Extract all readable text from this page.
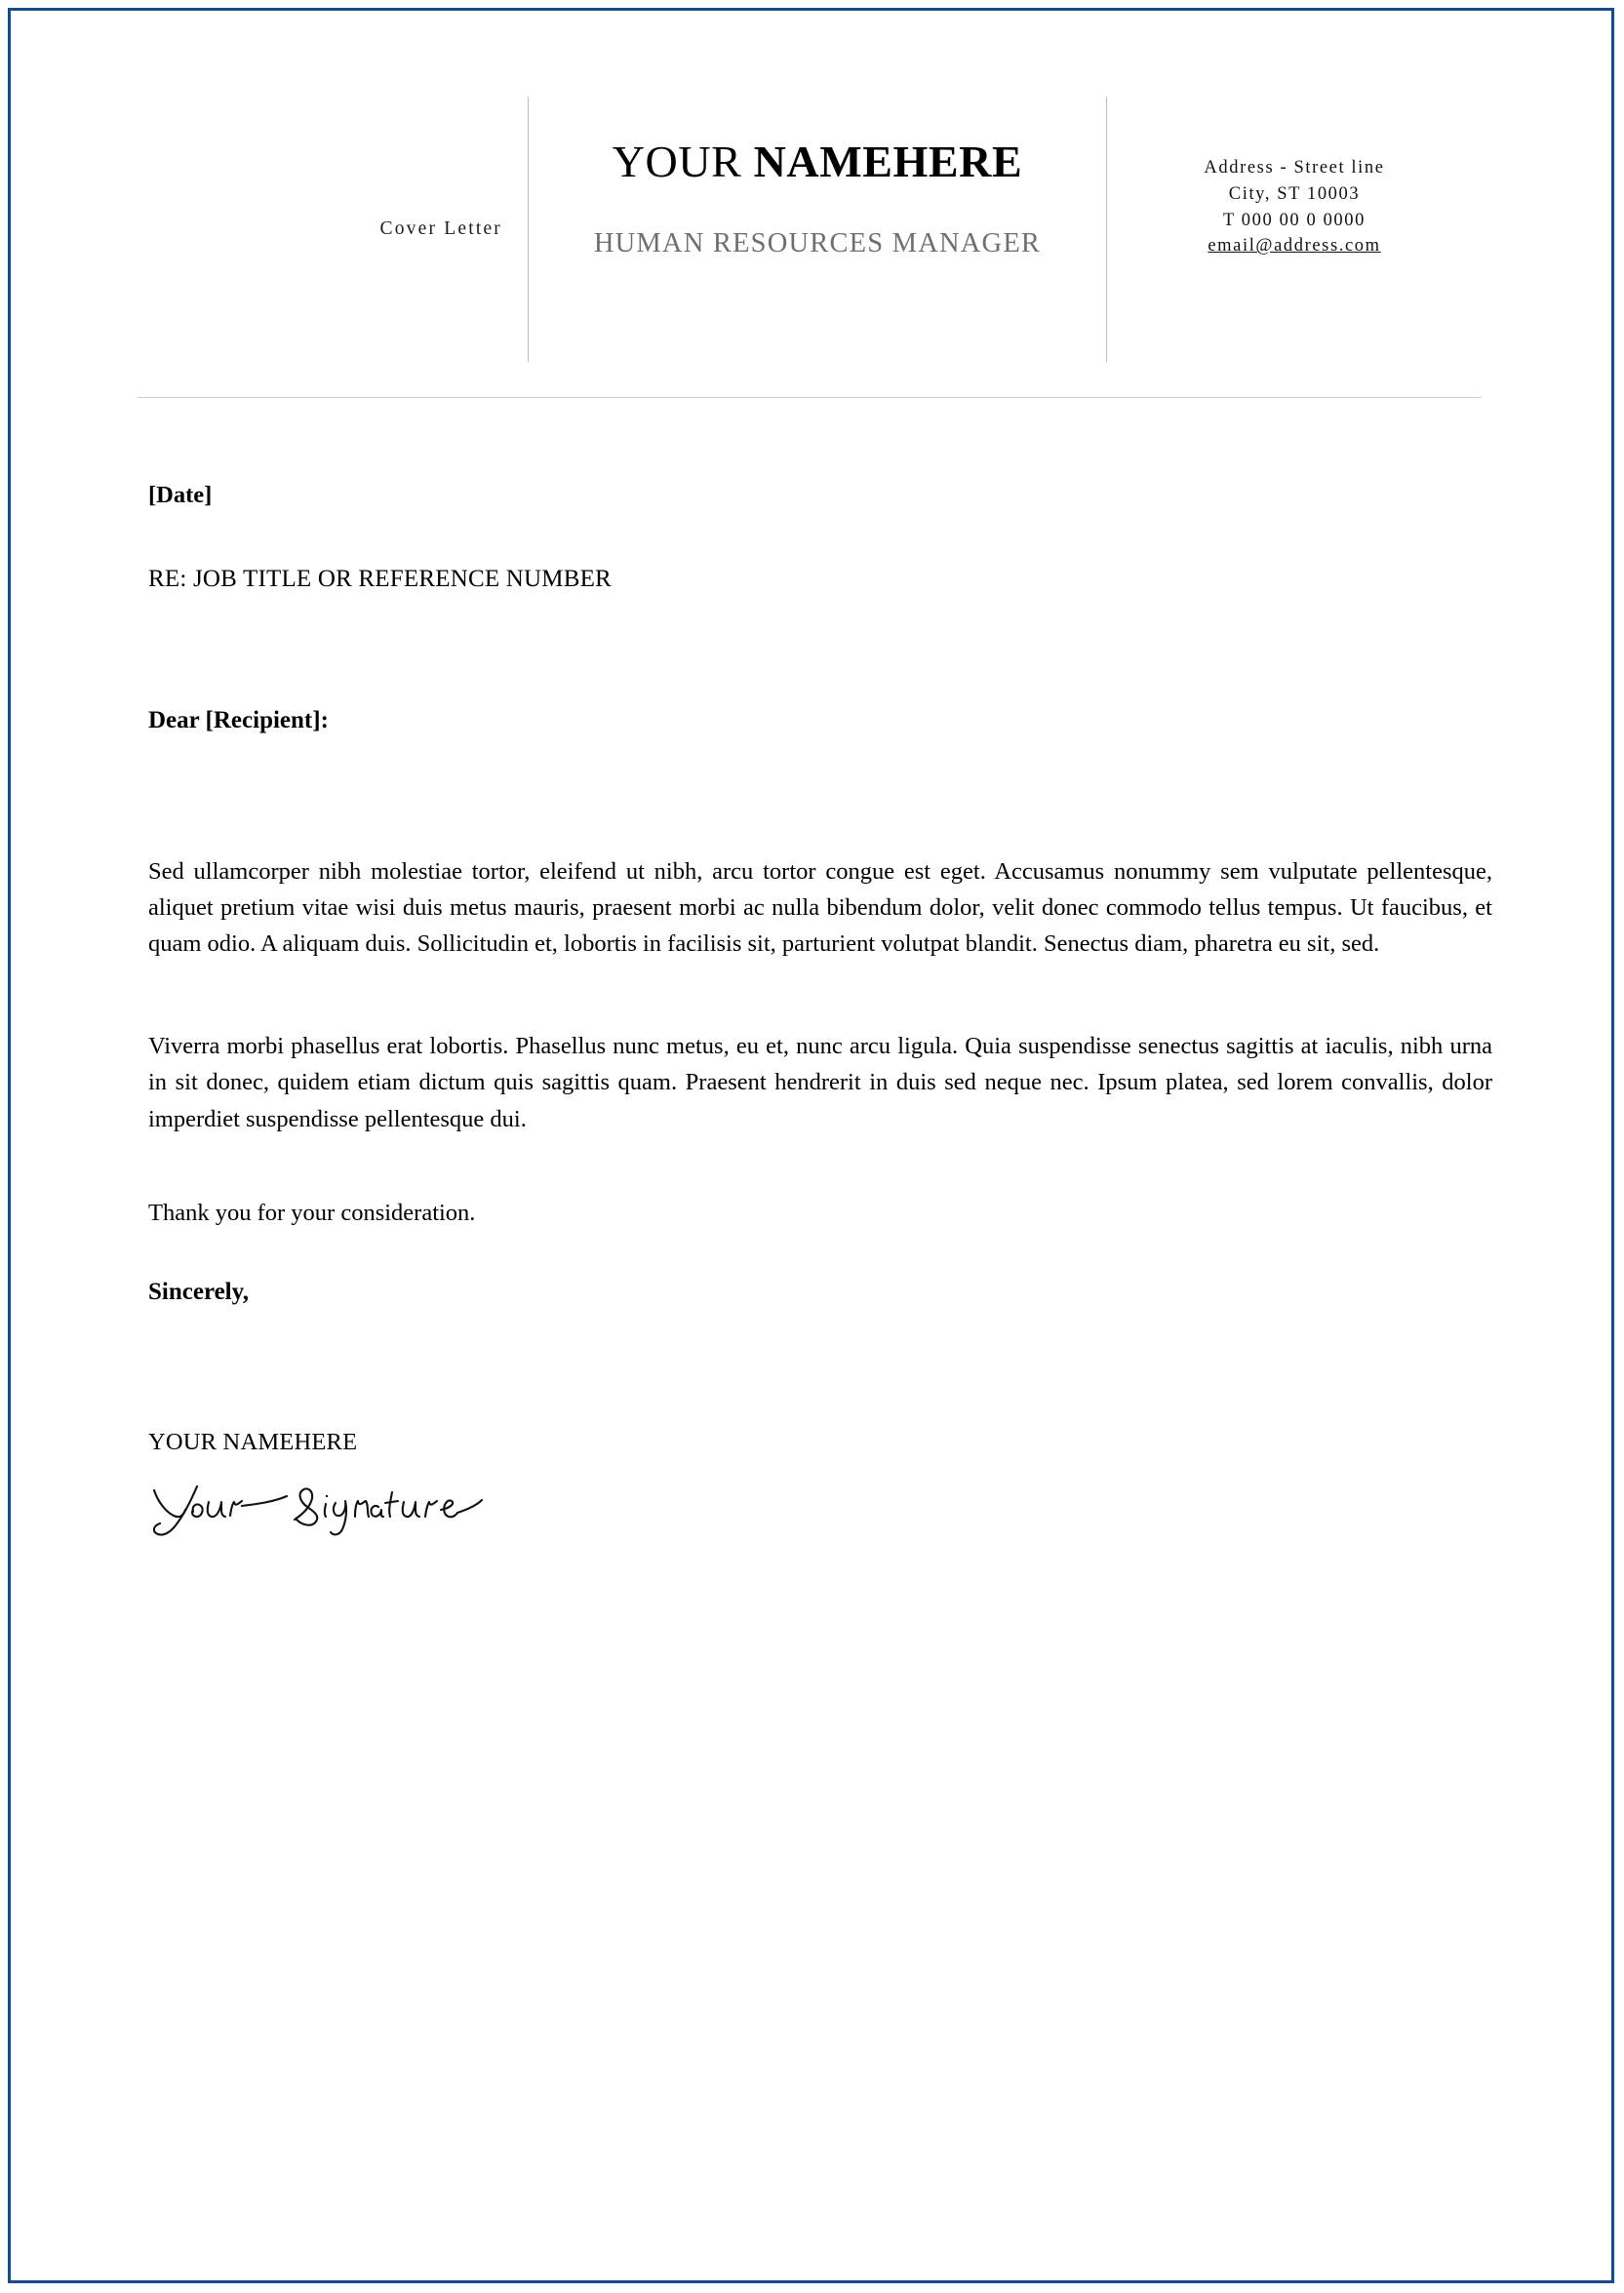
Cover Letter
YOUR NAMEHERE
HUMAN RESOURCES MANAGER
Address - Street line
City, ST 10003
T 000 00 0 0000
email@address.com
[Date]
RE: JOB TITLE OR REFERENCE NUMBER
Dear [Recipient]:
Sed ullamcorper nibh molestiae tortor, eleifend ut nibh, arcu tortor congue est eget. Accusamus nonummy sem vulputate pellentesque, aliquet pretium vitae wisi duis metus mauris, praesent morbi ac nulla bibendum dolor, velit donec commodo tellus tempus. Ut faucibus, et quam odio. A aliquam duis. Sollicitudin et, lobortis in facilisis sit, parturient volutpat blandit. Senectus diam, pharetra eu sit, sed.
Viverra morbi phasellus erat lobortis. Phasellus nunc metus, eu et, nunc arcu ligula. Quia suspendisse senectus sagittis at iaculis, nibh urna in sit donec, quidem etiam dictum quis sagittis quam. Praesent hendrerit in duis sed neque nec. Ipsum platea, sed lorem convallis, dolor imperdiet suspendisse pellentesque dui.
Thank you for your consideration.
Sincerely,
YOUR NAMEHERE
